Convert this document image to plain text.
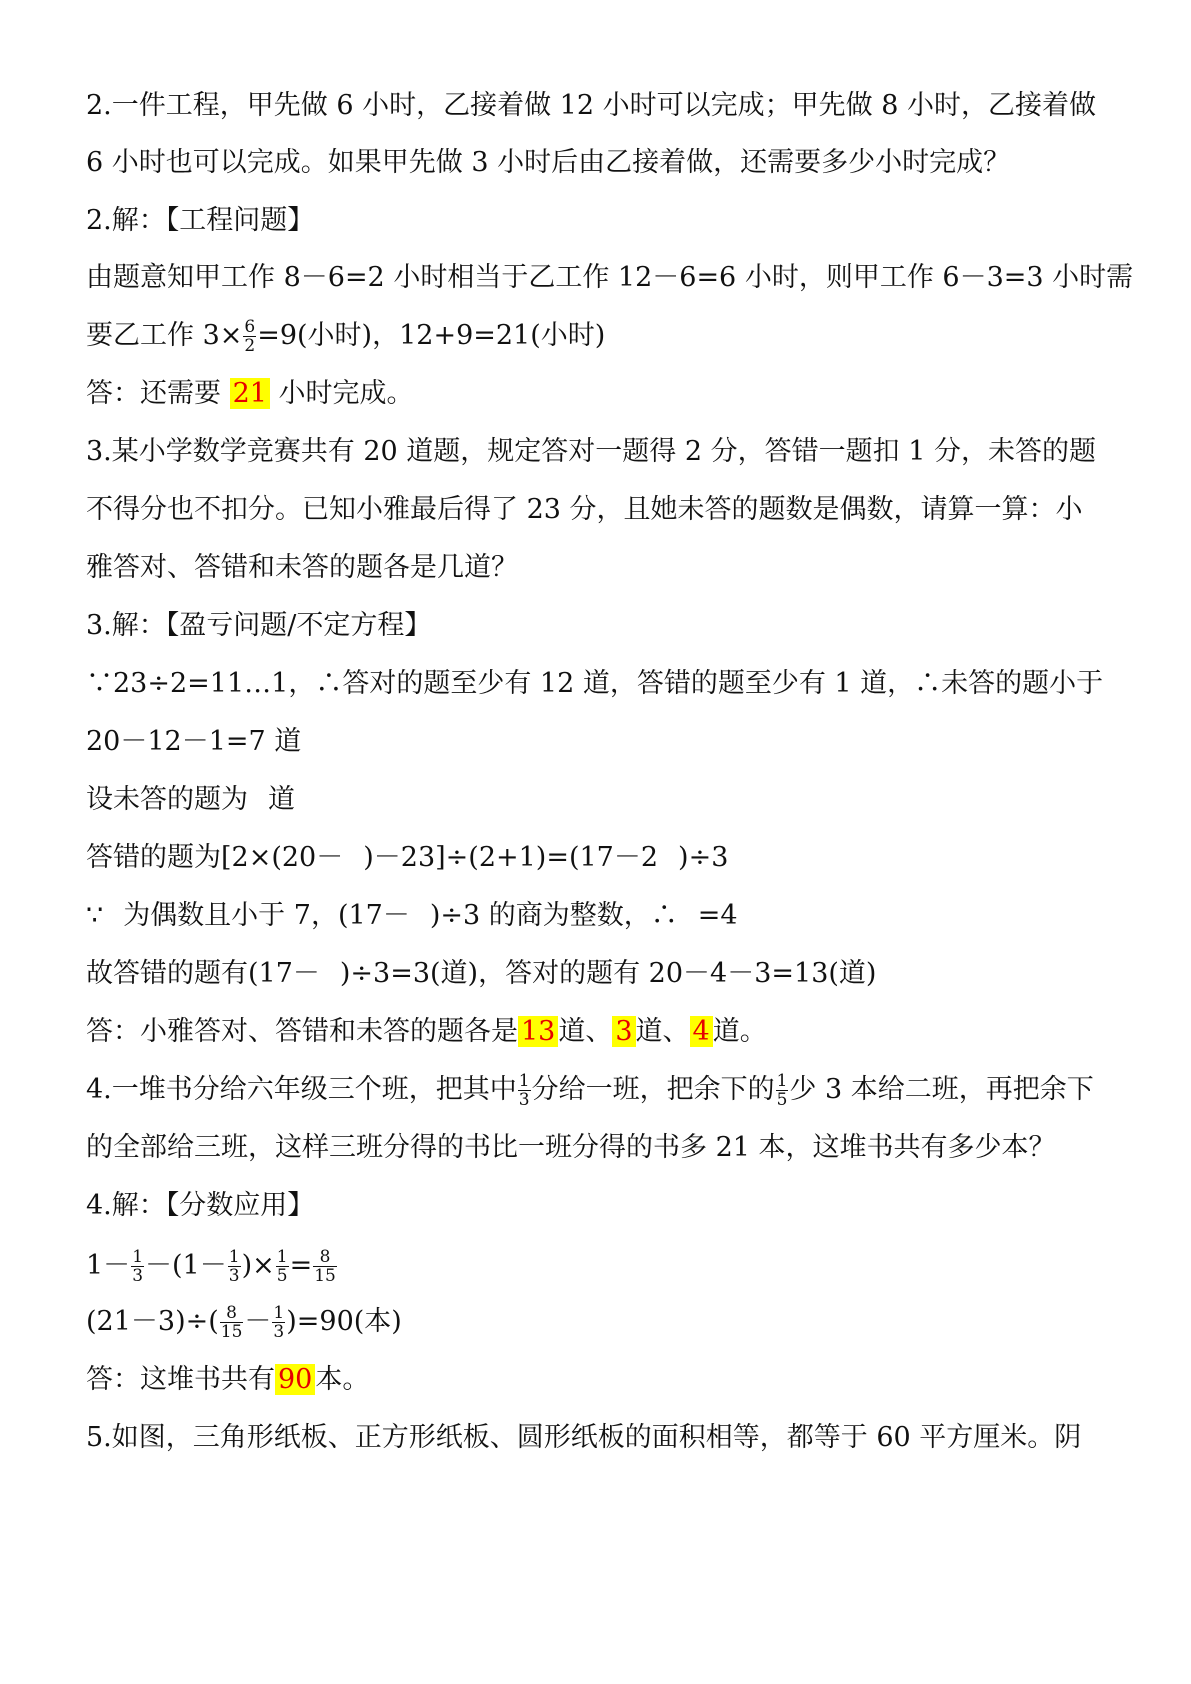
2.一件工程，甲先做 6 小时，乙接着做 12 小时可以完成；甲先做 8 小时，乙接着做
6 小时也可以完成。如果甲先做 3 小时后由乙接着做，还需要多少小时完成？
2.解：【工程问题】
由题意知甲工作 8－6=2 小时相当于乙工作 12－6=6 小时，则甲工作 6－3=3 小时需
要乙工作 $3\times \frac{6}{2} =9$(小时)，12+9=21(小时)
答：还需要 21 小时完成。
3.某小学数学竞赛共有 20 道题，规定答对一题得 2 分，答错一题扣 1 分，未答的题
不得分也不扣分。已知小雅最后得了 23 分，且她未答的题数是偶数，请算一算：小
雅答对、答错和未答的题各是几道？
3.解：【盈亏问题/不定方程】
∵23÷2=11…1，∴答对的题至少有 12 道，答错的题至少有 1 道，∴未答的题小于
20－12－1=7 道
设未答的题为 道
答错的题为[2×(20－ )－23]÷(2+1)=(17－2 )÷3
∵ 为偶数且小于 7，(17－ )÷3 的商为整数，∴ =4
故答错的题有(17－ )÷3=3(道)，答对的题有 20－4－3=13(道)
答：小雅答对、答错和未答的题各是 13 道、 3 道、 4 道。
4.一堆书分给六年级三个班，把其中 $\frac{1}{3}$ 分给一班，把余下的 $\frac{1}{5}$ 少 3 本给二班，再把余下
的全部给三班，这样三班分得的书比一班分得的书多 21 本，这堆书共有多少本？
4.解：【分数应用】
$1- \frac{1}{3} -(1- \frac{1}{3}$ )× $\frac{1}{5} = \frac{8}{15}$
$(21-3)\div( \frac{8}{15} - \frac{1}{3} )=90$(本)
答：这堆书共有 90 本。
5.如图，三角形纸板、正方形纸板、圆形纸板的面积相等，都等于 60 平方厘米。阴
